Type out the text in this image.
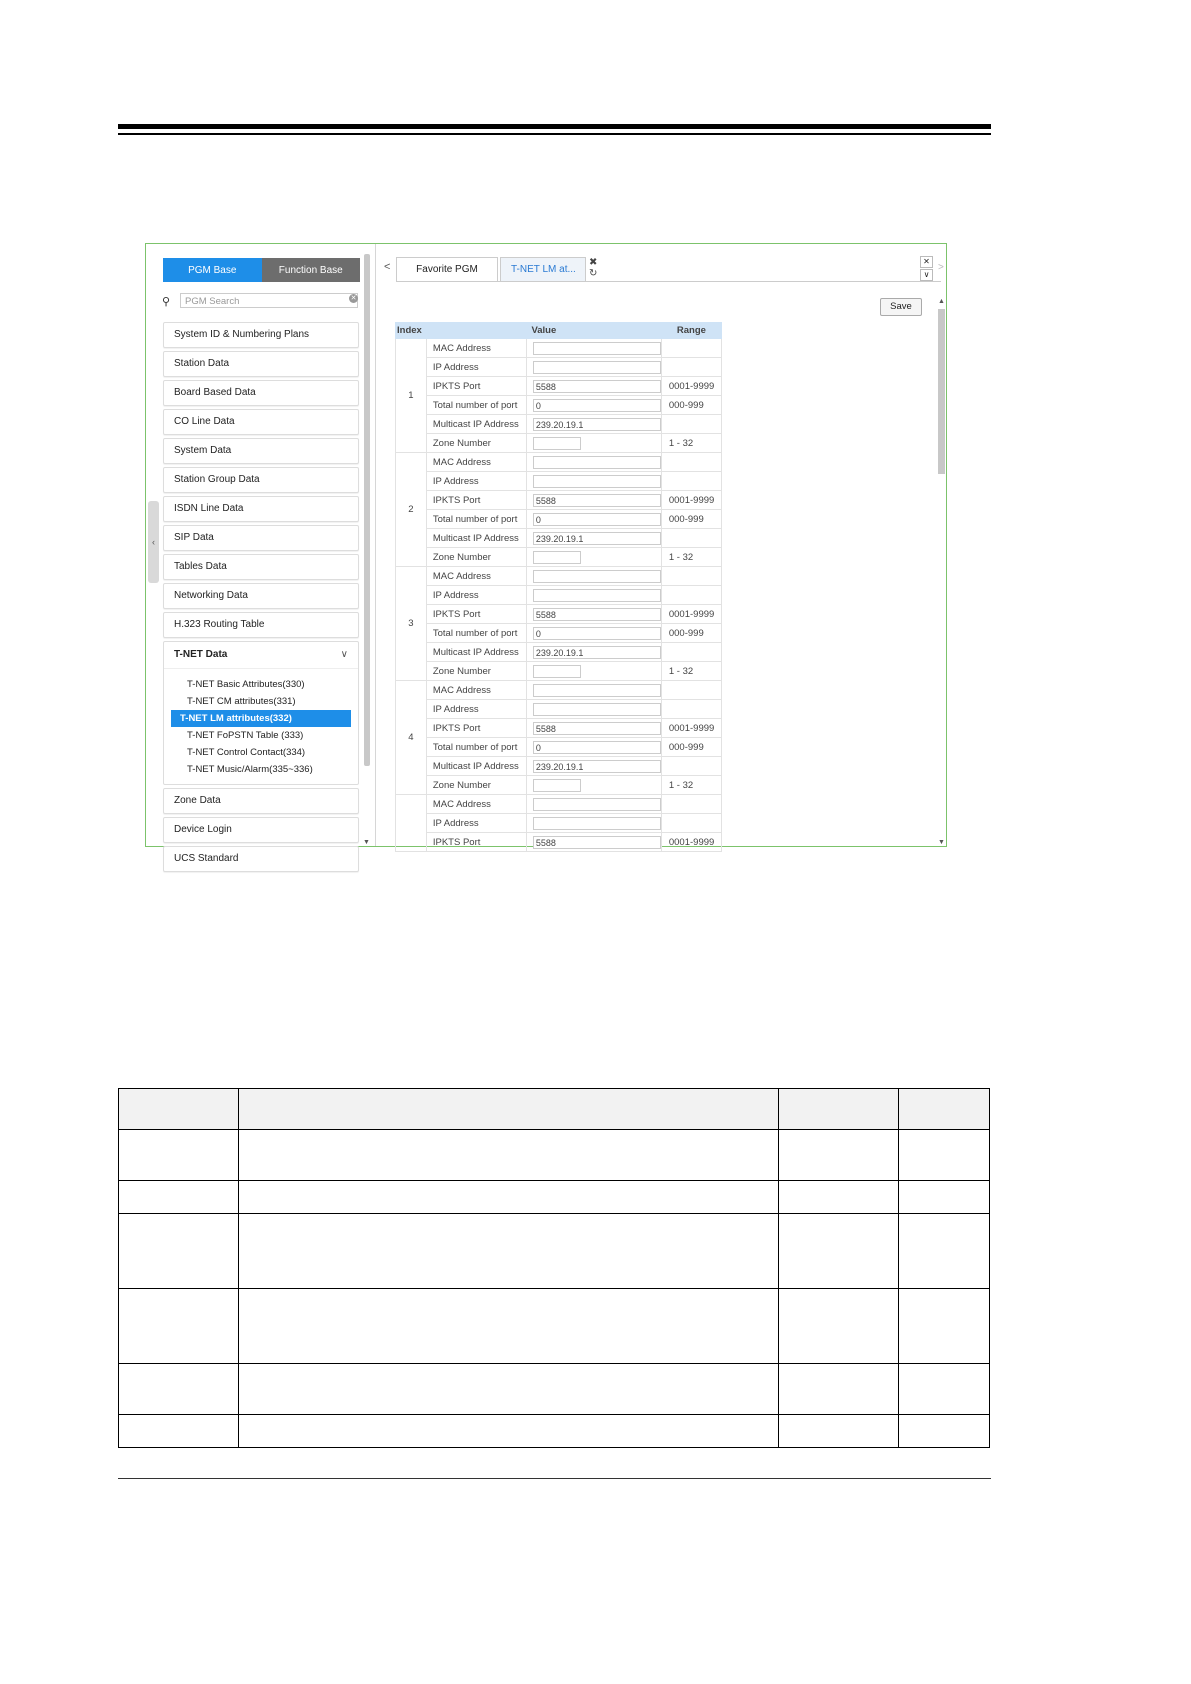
PGM Base	Function Base
⚲	PGM Search	✕
System ID & Numbering Plans
Station Data
Board Based Data
CO Line Data
System Data
Station Group Data
ISDN Line Data
SIP Data
Tables Data
Networking Data
H.323 Routing Table
T-NET Data	∨
T-NET Basic Attributes(330)
T-NET CM attributes(331)
T-NET LM attributes(332)
T-NET FoPSTN Table (333)
T-NET Control Contact(334)
T-NET Music/Alarm(335~336)
Zone Data
Device Login
UCS Standard
‹
▼
<	Favorite PGM	T-NET LM at...
✖
↻
✕
∨
>
Save
Index	Value		Range
1	MAC Address	

	IP Address	

	IPKTS Port	5588	0001-9999
	Total number of port	0	000-999
	Multicast IP Address	239.20.19.1	

	Zone Number		1 - 32
2	MAC Address	

	IP Address	

	IPKTS Port	5588	0001-9999
	Total number of port	0	000-999
	Multicast IP Address	239.20.19.1	

	Zone Number		1 - 32
3	MAC Address	

	IP Address	

	IPKTS Port	5588	0001-9999
	Total number of port	0	000-999
	Multicast IP Address	239.20.19.1	

	Zone Number		1 - 32
4	MAC Address	

	IP Address	

	IPKTS Port	5588	0001-9999
	Total number of port	0	000-999
	Multicast IP Address	239.20.19.1	

	Zone Number		1 - 32
	MAC Address	

	IP Address	

	IPKTS Port	5588	0001-9999
▲
▼
